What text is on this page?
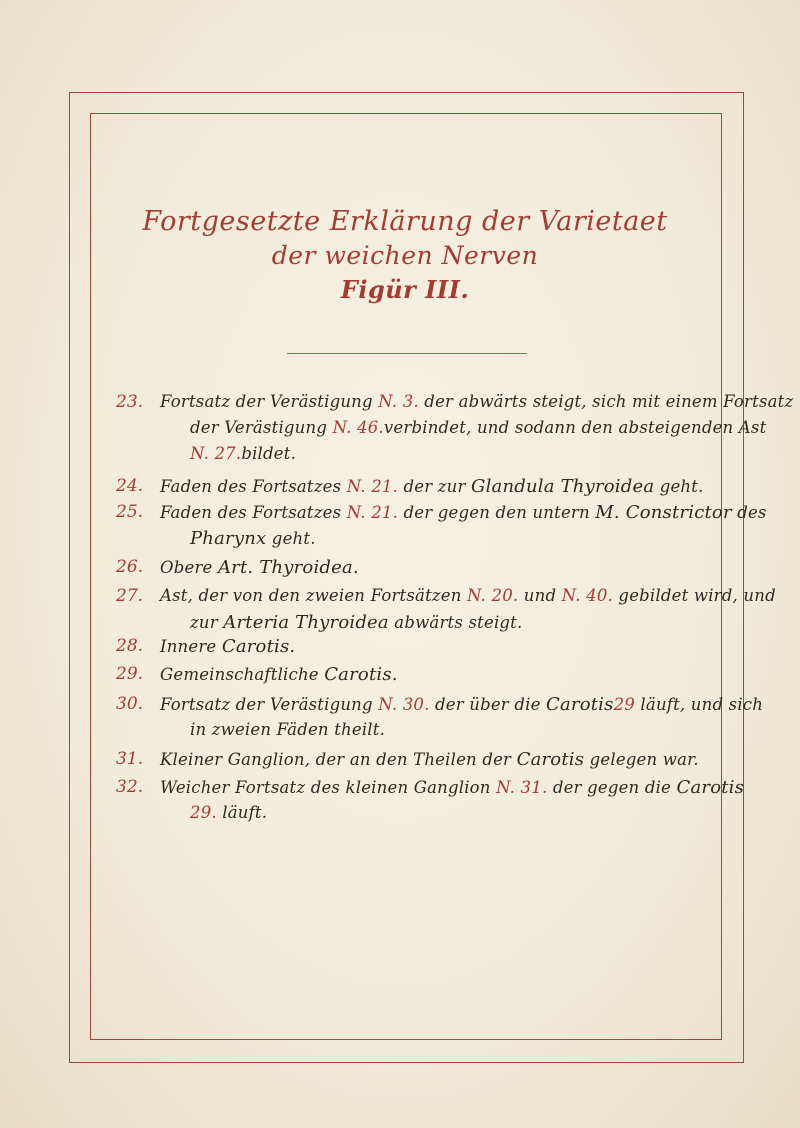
Fortgesetzte Erklärung der Varietaet
der weichen Nerven
Figür III.
23.	Fortsatz der Verästigung N. 3. der abwärts steigt, sich mit einem Fortsatz
der Verästigung N. 46.verbindet, und sodann den absteigenden Ast
N. 27.bildet.
24.	Faden des Fortsatzes N. 21. der zur Glandula Thyroidea geht.
25.	Faden des Fortsatzes N. 21. der gegen den untern M. Constrictor des
Pharynx geht.
26.	Obere Art. Thyroidea.
27.	Ast, der von den zweien Fortsätzen N. 20. und N. 40. gebildet wird, und
zur Arteria Thyroidea abwärts steigt.
28.	Innere Carotis.
29.	Gemeinschaftliche Carotis.
30.	Fortsatz der Verästigung N. 30. der über die Carotis29 läuft, und sich
in zweien Fäden theilt.
31.	Kleiner Ganglion, der an den Theilen der Carotis gelegen war.
32.	Weicher Fortsatz des kleinen Ganglion N. 31. der gegen die Carotis
29. läuft.
